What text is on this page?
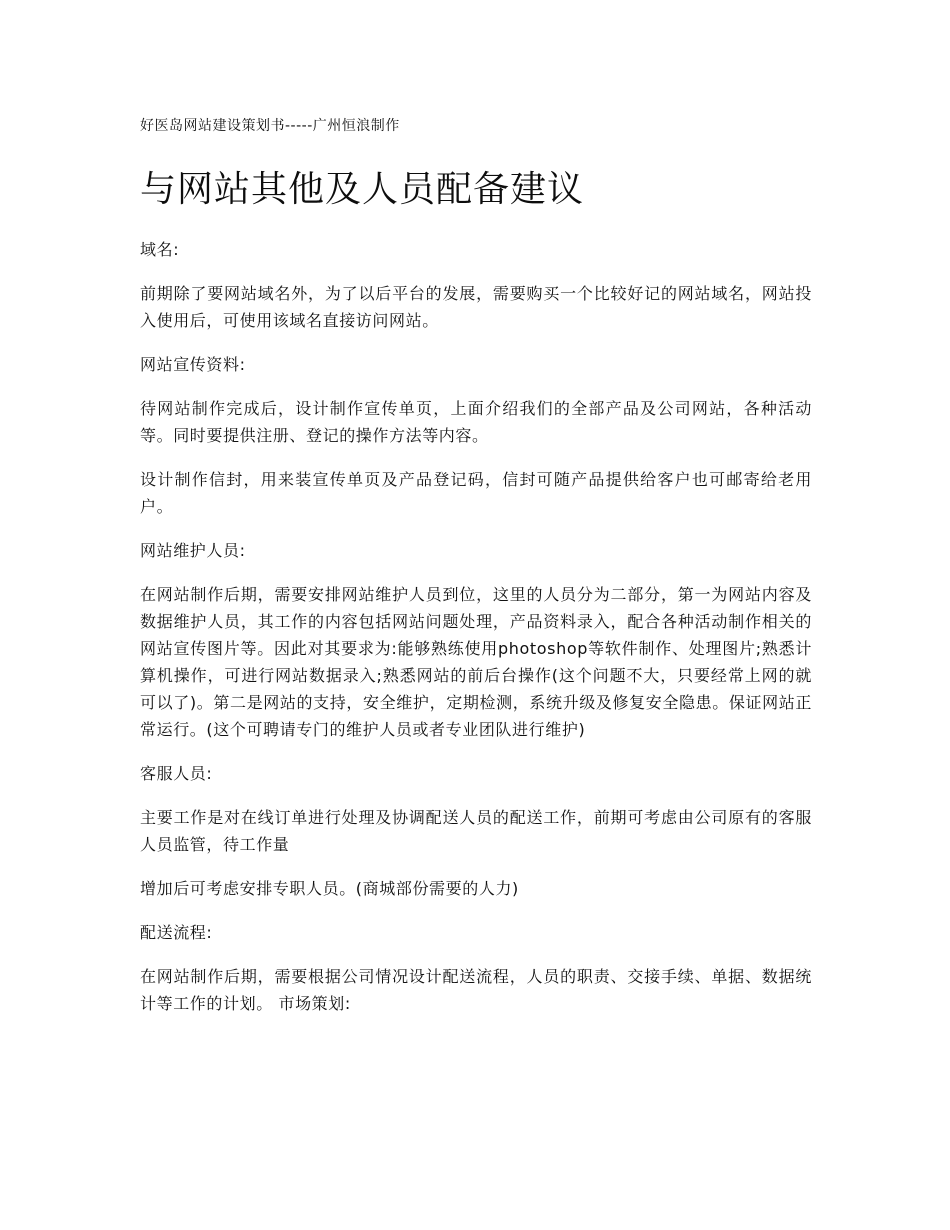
好医岛网站建设策划书-----广州恒浪制作

与网站其他及人员配备建议

域名:

前期除了要网站域名外，为了以后平台的发展，需要购买一个比较好记的网站域名，网站投入使用后，可使用该域名直接访问网站。

网站宣传资料:

待网站制作完成后，设计制作宣传单页，上面介绍我们的全部产品及公司网站，各种活动等。同时要提供注册、登记的操作方法等内容。

设计制作信封，用来装宣传单页及产品登记码，信封可随产品提供给客户也可邮寄给老用户。

网站维护人员:

在网站制作后期，需要安排网站维护人员到位，这里的人员分为二部分，第一为网站内容及数据维护人员，其工作的内容包括网站问题处理，产品资料录入，配合各种活动制作相关的网站宣传图片等。因此对其要求为:能够熟练使用photoshop等软件制作、处理图片;熟悉计算机操作，可进行网站数据录入;熟悉网站的前后台操作(这个问题不大，只要经常上网的就可以了)。第二是网站的支持，安全维护，定期检测，系统升级及修复安全隐患。保证网站正常运行。(这个可聘请专门的维护人员或者专业团队进行维护)

客服人员:

主要工作是对在线订单进行处理及协调配送人员的配送工作，前期可考虑由公司原有的客服人员监管，待工作量

增加后可考虑安排专职人员。(商城部份需要的人力)

配送流程:

在网站制作后期，需要根据公司情况设计配送流程，人员的职责、交接手续、单据、数据统计等工作的计划。 市场策划:
